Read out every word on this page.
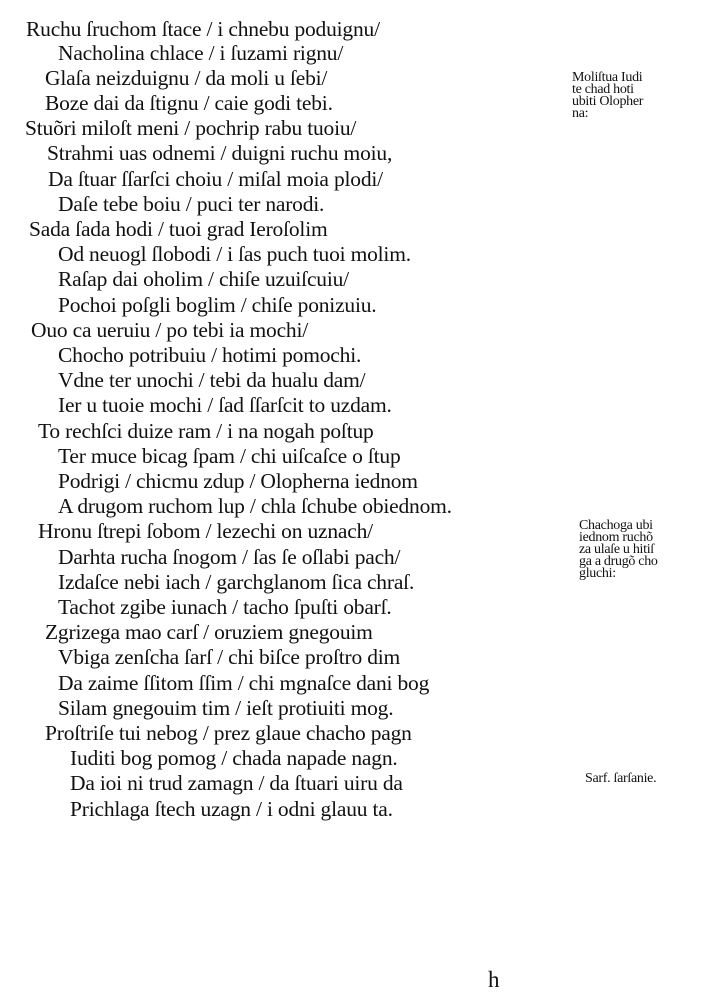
Ruchu ſruchom ſtace / i chnebu poduignu/
Nacholina chlace / i ſuzami rignu/
Glaſa neizduignu / da moli u ſebi/
Boze dai da ſtignu / caie godi tebi.
Stuõri miloſt meni / pochrip rabu tuoiu/
Strahmi uas odnemi / duigni ruchu moiu,
Da ſtuar ſſarſci choiu / miſal moia plodi/
Daſe tebe boiu / puci ter narodi.
Sada ſada hodi / tuoi grad Ieroſolim
Od neuogl ſlobodi / i ſas puch tuoi molim.
Raſap dai oholim / chiſe uzuiſcuiu/
Pochoi poſgli boglim / chiſe ponizuiu.
Ouo ca ueruiu / po tebi ia mochi/
Chocho potribuiu / hotimi pomochi.
Vdne ter unochi / tebi da hualu dam/
Ier u tuoie mochi / ſad ſſarſcit to uzdam.
To rechſci duize ram / i na nogah poſtup
Ter muce bicag ſpam / chi uiſcaſce o ſtup
Podrigi / chicmu zdup / Olopherna iednom
A drugom ruchom lup / chla ſchube obiednom.
Hronu ſtrepi ſobom / lezechi on uznach/
Darhta rucha ſnogom / ſas ſe oſlabi pach/
Izdaſce nebi iach / garchglanom ſica chraſ.
Tachot zgibe iunach / tacho ſpuſti obarſ.
Zgrizega mao carſ / oruziem gnegouim
Vbiga zenſcha ſarſ / chi biſce proſtro dim
Da zaime ſſitom ſſim / chi mgnaſce dani bog
Silam gnegouim tim / ieſt protiuiti mog.
Proſtriſe tui nebog / prez glaue chacho pagn
Iuditi bog pomog / chada napade nagn.
Da ioi ni trud zamagn / da ſtuari uiru da
Prichlaga ſtech uzagn / i odni glauu ta.
Moliſtua Iudi
te chad hoti
ubiti Olopher
na:
Chachoga ubi
iednom ruchõ
za ulaſe u hitiſ
ga a drugõ cho
gluchi:
Sarf. ſarſanie.
h
